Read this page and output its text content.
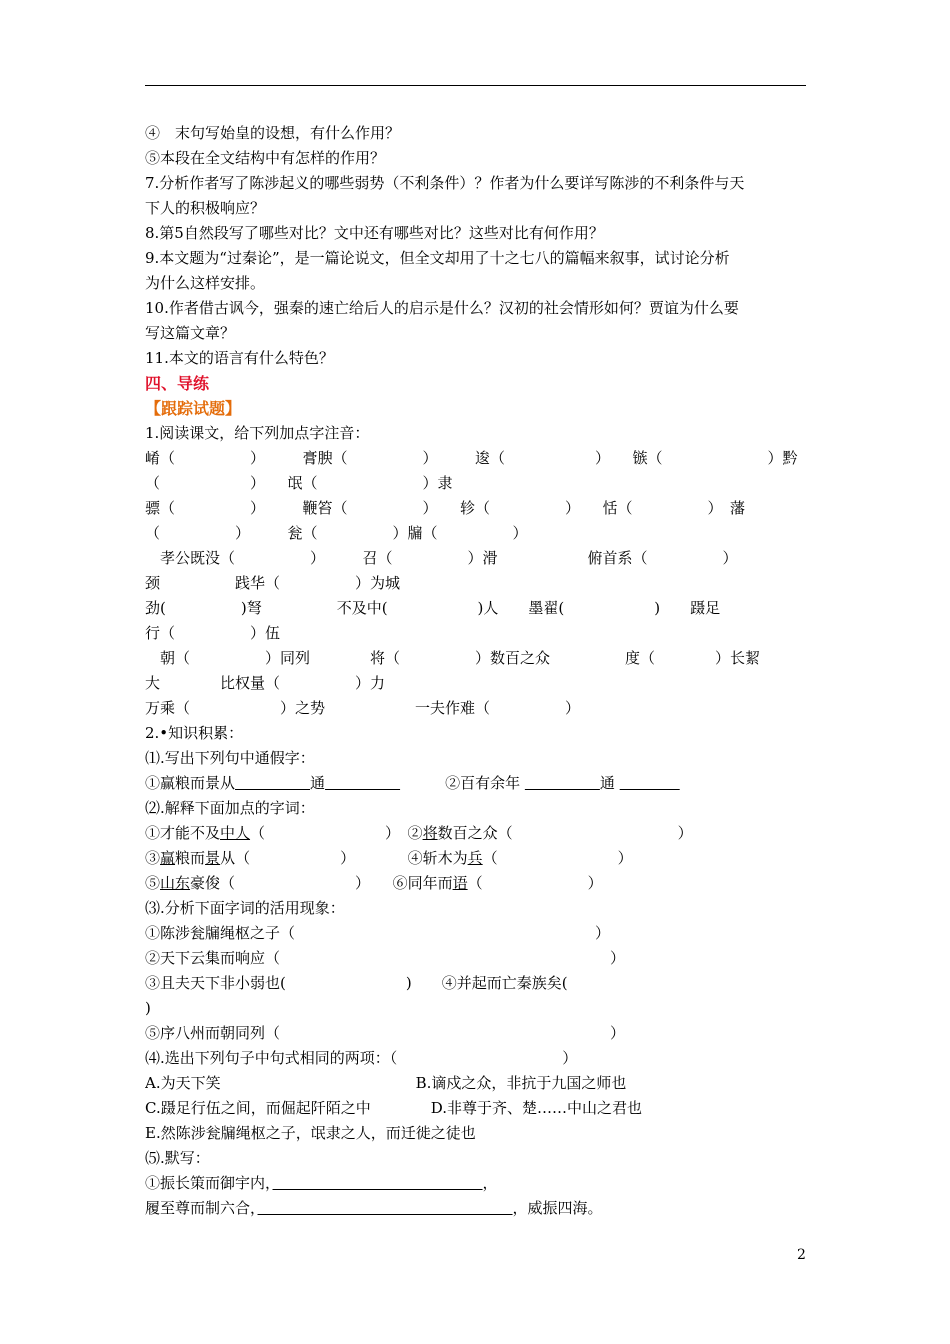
④　末句写始皇的设想，有什么作用？
⑤本段在全文结构中有怎样的作用？
7.分析作者写了陈涉起义的哪些弱势（不利条件）？作者为什么要详写陈涉的不利条件与天
下人的积极响应？
8.第5自然段写了哪些对比？文中还有哪些对比？这些对比有何作用？
9.本文题为“过秦论”，是一篇论说文，但全文却用了十之七八的篇幅来叙事，试讨论分析
为什么这样安排。
10.作者借古讽今，强秦的速亡给后人的启示是什么？汉初的社会情形如何？贾谊为什么要
写这篇文章？
11.本文的语言有什么特色？
四、导练
【跟踪试题】
1.阅读课文，给下列加点字注音：
崤（　　　　　）　　　膏腴（　　　　　）　　　逡（　　　　　　）　　镞（　　　　　　　）黔
（　　　　　　）　　氓（　　　　　　　）隶
骠（　　　　　）　　　鞭笞（　　　　　）　　轸（　　　　　）　　恬（　　　　　）　藩
（　　　　　）　　　瓮（　　　　　）牖（　　　　　）
　孝公既没（　　　　　）　　　召（　　　　　）滑　　　　　　俯首系（　　　　　）
颈　　　　　践华（　　　　　）为城
劲(　　　　　)弩　　　　　不及中(　　　　　　)人　　墨翟(　　　　　　)　　蹑足
行（　　　　　）伍
　朝（　　　　　）同列　　　　将（　　　　　）数百之众　　　　　度（　　　　）长絜
大　　　　比权量（　　　　　）力
万乘（　　　　　　）之势　　　　　　一夫作难（　　　　　）
2.•知识积累：
⑴.写出下列句中通假字：
①赢粮而景从　　　　　	通　　　　　　　　	②百有余年 　　　　　	通 　　　　
⑵.解释下面加点的字词：
①才能不及中人（　　　　　　　　）　②将数百之众（　　　　　　　　　　　）
③赢粮而景从（　　　　　　）　　　　④斩木为兵（　　　　　　　　）
⑤山东豪俊（　　　　　　　　）　　⑥同年而语（　　　　　　　）
⑶.分析下面字词的活用现象：
①陈涉瓮牖绳枢之子（　　　　　　　　　　　　　　　　　　　　）
②天下云集而响应（　　　　　　　　　　　　　　　　　　　　　　）
③且夫天下非小弱也(　　　　　　　　)　　④并起而亡秦族矣(
)
⑤序八州而朝同列（　　　　　　　　　　　　　　　　　　　　　　）
⑷.选出下列句子中句式相同的两项：（　　　　　　　　　　　）
A.为天下笑　　　　　　　　　　　　　B.谪戍之众，非抗于九国之师也
C.蹑足行伍之间，而倔起阡陌之中　　　　D.非尊于齐、楚……中山之君也
E.然陈涉瓮牖绳枢之子，氓隶之人，而迁徙之徒也
⑸.默写：
①振长策而御宇内，　　　　　　　　　　　　　　	，
履至尊而制六合，　　　　　　　　　　　　　　　　　	，威振四海。
2
